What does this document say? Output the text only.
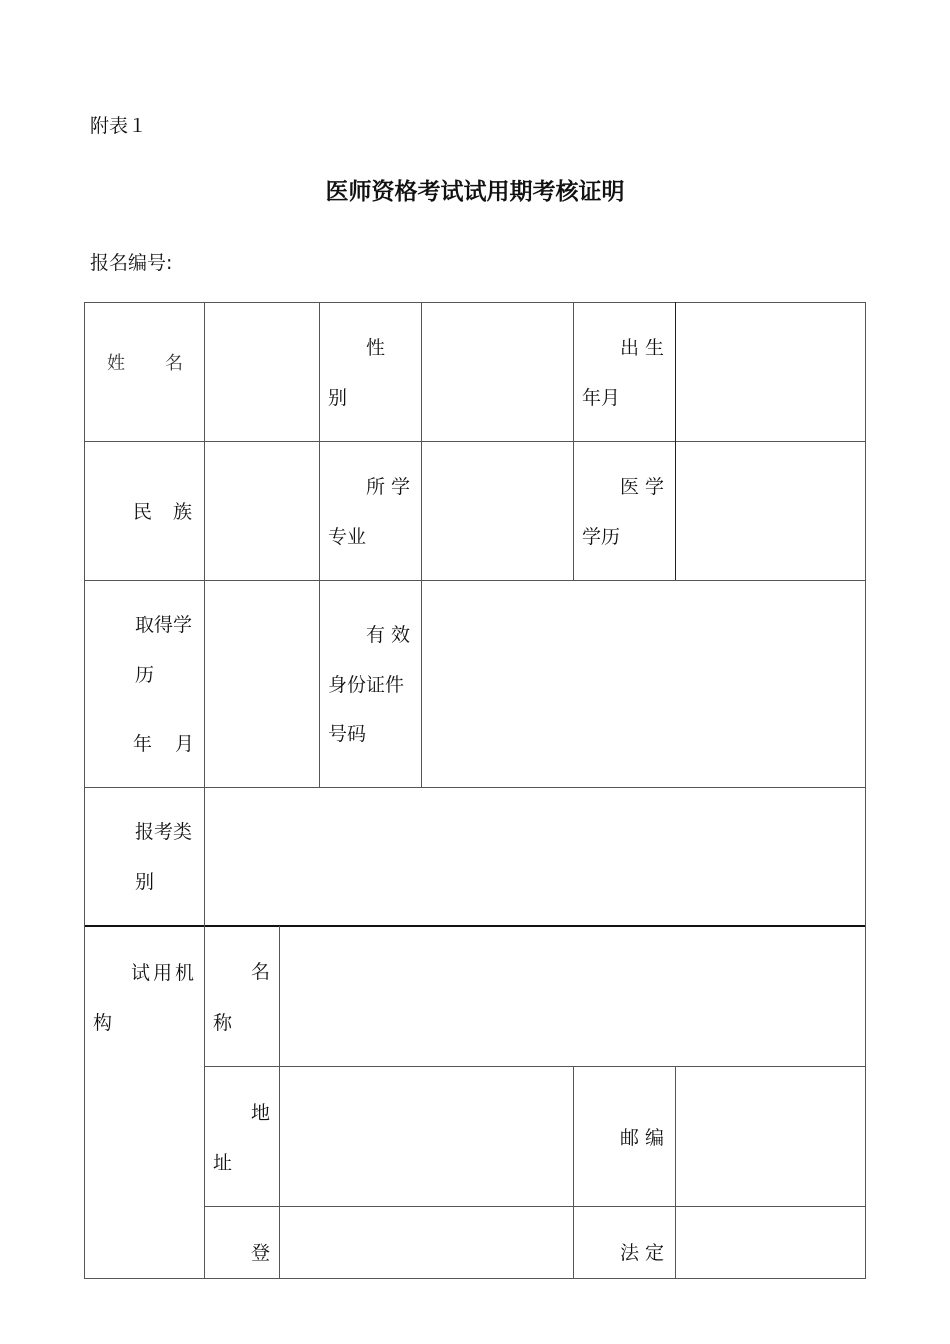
附表１
医师资格考试试用期考核证明
报名编号:
姓 名
性
别
出 生
年月
民 族
所 学
专业
医 学
学历
取得学
历
年 月
有 效
身份证件
号码
报考类
别
试用机
构
名
称
地
址
邮 编
登	法 定
